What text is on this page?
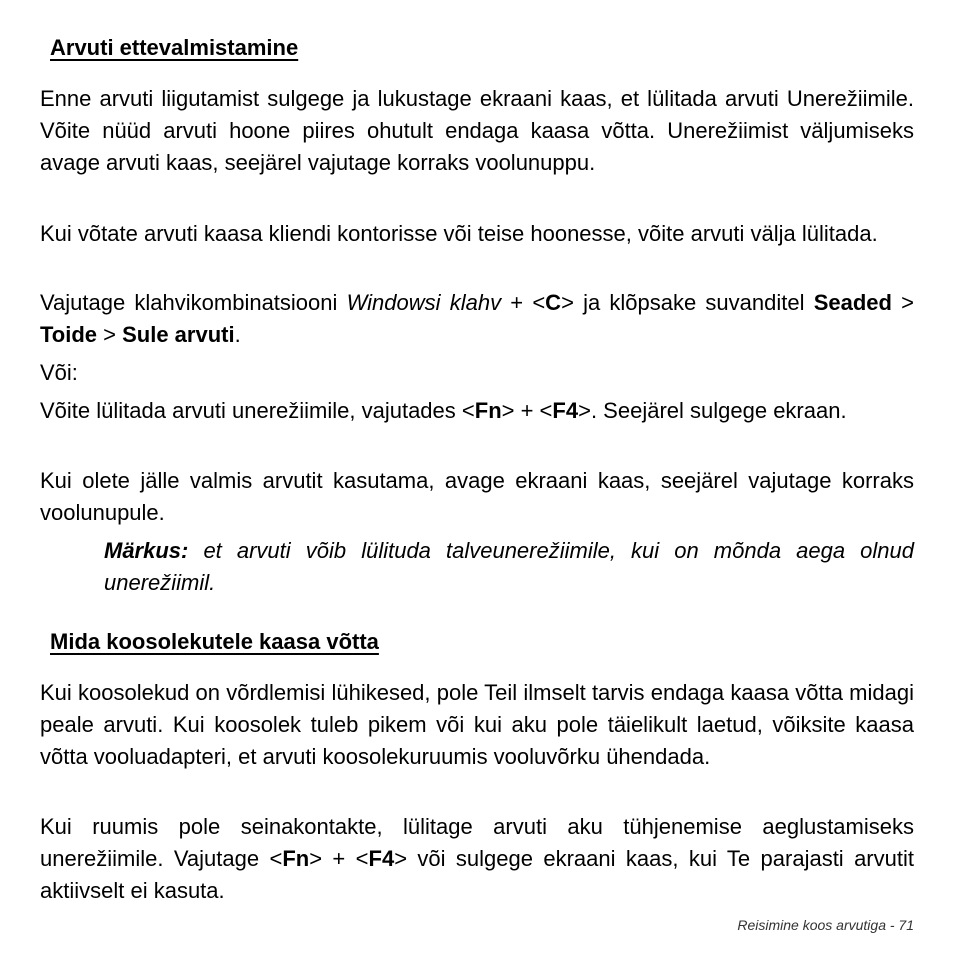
Arvuti ettevalmistamine

Enne arvuti liigutamist sulgege ja lukustage ekraani kaas, et lülitada arvuti Unerežiimile. Võite nüüd arvuti hoone piires ohutult endaga kaasa võtta. Unerežiimist väljumiseks avage arvuti kaas, seejärel vajutage korraks voolunuppu.

Kui võtate arvuti kaasa kliendi kontorisse või teise hoonesse, võite arvuti välja lülitada.

Vajutage klahvikombinatsiooni Windowsi klahv + <C> ja klõpsake suvanditel Seaded > Toide > Sule arvuti.

Või:

Võite lülitada arvuti unerežiimile, vajutades <Fn> + <F4>. Seejärel sulgege ekraan.

Kui olete jälle valmis arvutit kasutama, avage ekraani kaas, seejärel vajutage korraks voolunupule.

Märkus: et arvuti võib lülituda talveunerežiimile, kui on mõnda aega olnud unerežiimil.

Mida koosolekutele kaasa võtta

Kui koosolekud on võrdlemisi lühikesed, pole Teil ilmselt tarvis endaga kaasa võtta midagi peale arvuti. Kui koosolek tuleb pikem või kui aku pole täielikult laetud, võiksite kaasa võtta vooluadapteri, et arvuti koosolekuruumis vooluvõrku ühendada.

Kui ruumis pole seinakontakte, lülitage arvuti aku tühjenemise aeglustamiseks unerežiimile. Vajutage <Fn> + <F4> või sulgege ekraani kaas, kui Te parajasti arvutit aktiivselt ei kasuta.

Reisimine koos arvutiga - 71
